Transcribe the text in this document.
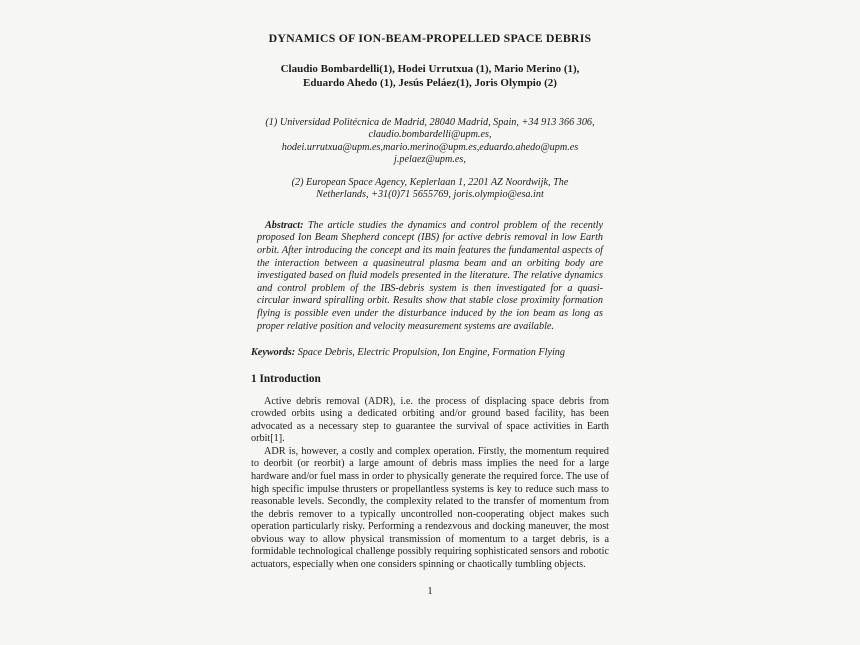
DYNAMICS OF ION-BEAM-PROPELLED SPACE DEBRIS
Claudio Bombardelli(1), Hodei Urrutxua (1), Mario Merino (1),
Eduardo Ahedo (1), Jesús Peláez(1), Joris Olympio (2)
(1) Universidad Politécnica de Madrid, 28040 Madrid, Spain, +34 913 366 306,
claudio.bombardelli@upm.es,
hodei.urrutxua@upm.es,mario.merino@upm.es,eduardo.ahedo@upm.es
j.pelaez@upm.es,
(2) European Space Agency, Keplerlaan 1, 2201 AZ Noordwijk, The
Netherlands, +31(0)71 5655769, joris.olympio@esa.int

Abstract: The article studies the dynamics and control problem of the recently proposed Ion Beam Shepherd concept (IBS) for active debris removal in low Earth orbit. After introducing the concept and its main features the fundamental aspects of the interaction between a quasineutral plasma beam and an orbiting body are investigated based on fluid models presented in the literature. The relative dynamics and control problem of the IBS-debris system is then investigated for a quasi-circular inward spiralling orbit. Results show that stable close proximity formation flying is possible even under the disturbance induced by the ion beam as long as proper relative position and velocity measurement systems are available.

Keywords: Space Debris, Electric Propulsion, Ion Engine, Formation Flying

1 Introduction

Active debris removal (ADR), i.e. the process of displacing space debris from crowded orbits using a dedicated orbiting and/or ground based facility, has been advocated as a necessary step to guarantee the survival of space activities in Earth orbit[1].

ADR is, however, a costly and complex operation. Firstly, the momentum required to deorbit (or reorbit) a large amount of debris mass implies the need for a large hardware and/or fuel mass in order to physically generate the required force. The use of high specific impulse thrusters or propellantless systems is key to reduce such mass to reasonable levels. Secondly, the complexity related to the transfer of momentum from the debris remover to a typically uncontrolled non-cooperating object makes such operation particularly risky. Performing a rendezvous and docking maneuver, the most obvious way to allow physical transmission of momentum to a target debris, is a formidable technological challenge possibly requiring sophisticated sensors and robotic actuators, especially when one considers spinning or chaotically tumbling objects.

1
